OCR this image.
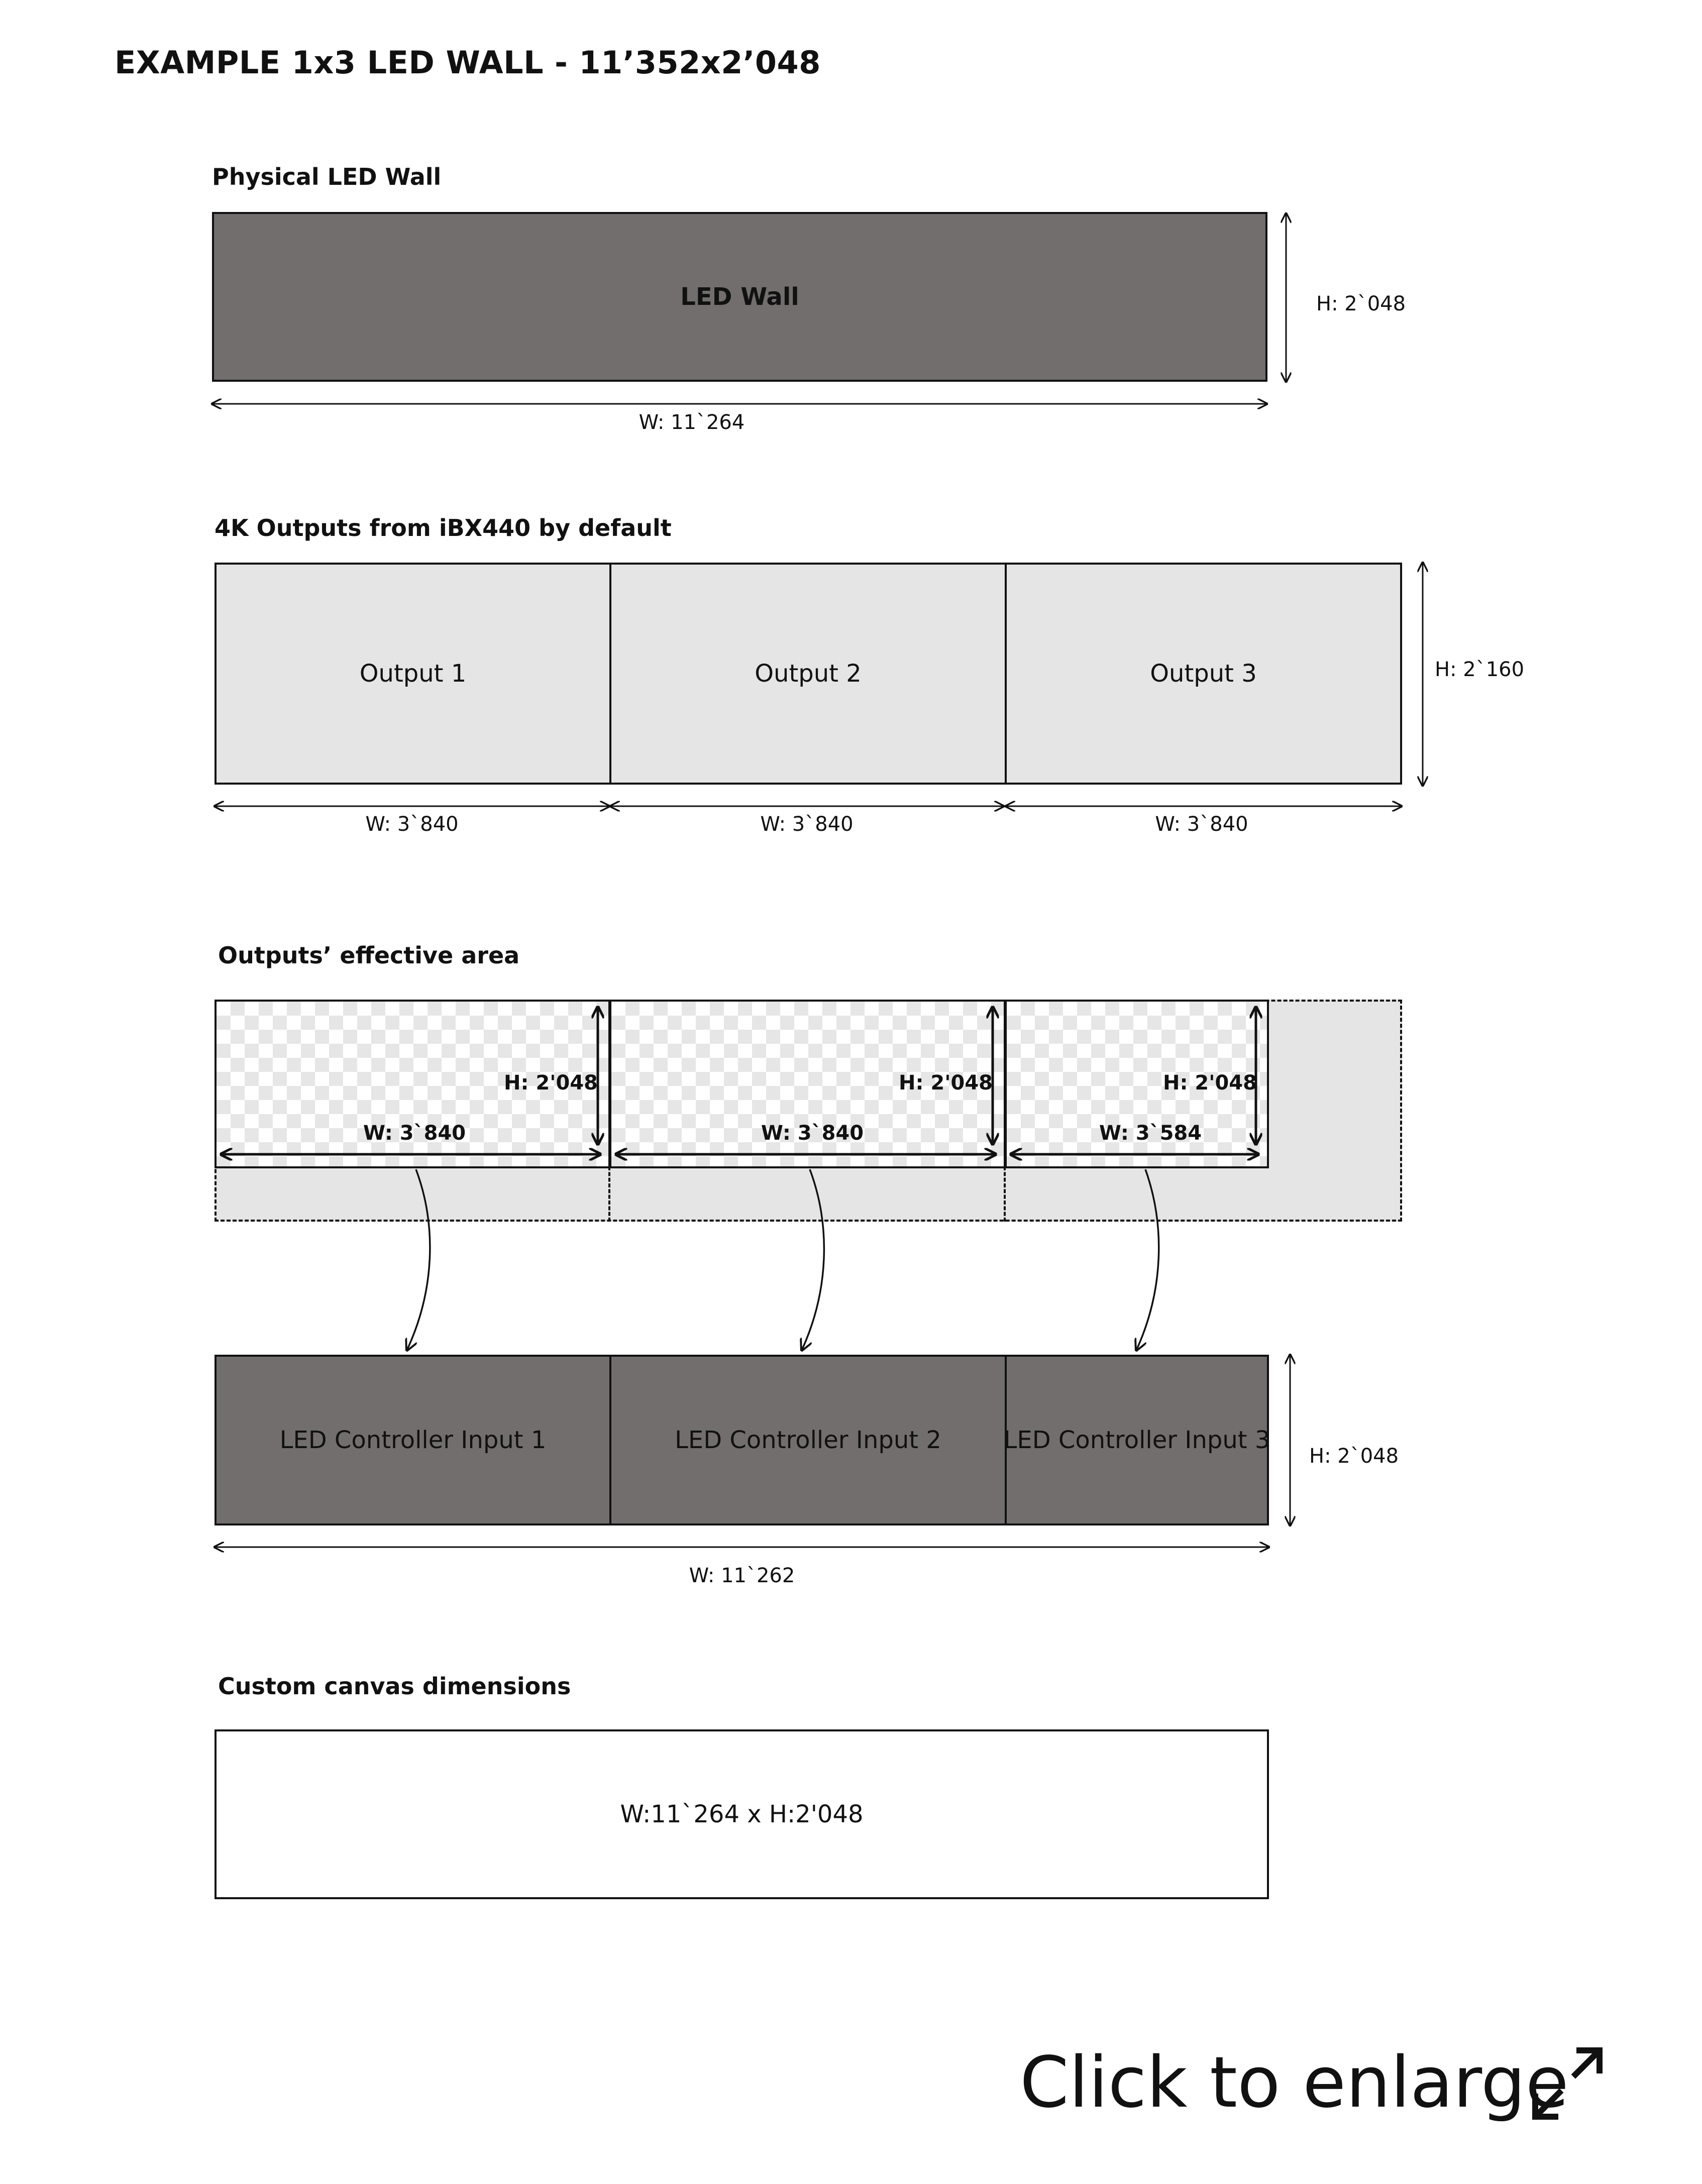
EXAMPLE 1x3 LED WALL - 11’352x2’048
Physical LED Wall
LED Wall	H: 2`048
W: 11`264
4K Outputs from iBX440 by default
Output 1	Output 2	Output 3	H: 2`160
W: 3`840	W: 3`840	W: 3`840
Outputs’ effective area
H: 2'048	H: 2'048	H: 2'048
W: 3`840	W: 3`840	W: 3`584
LED Controller Input 1	LED Controller Input 2	LED Controller Input 3
H: 2`048
W: 11`262
Custom canvas dimensions
W:11`264 x H:2'048
Click to enlarge
